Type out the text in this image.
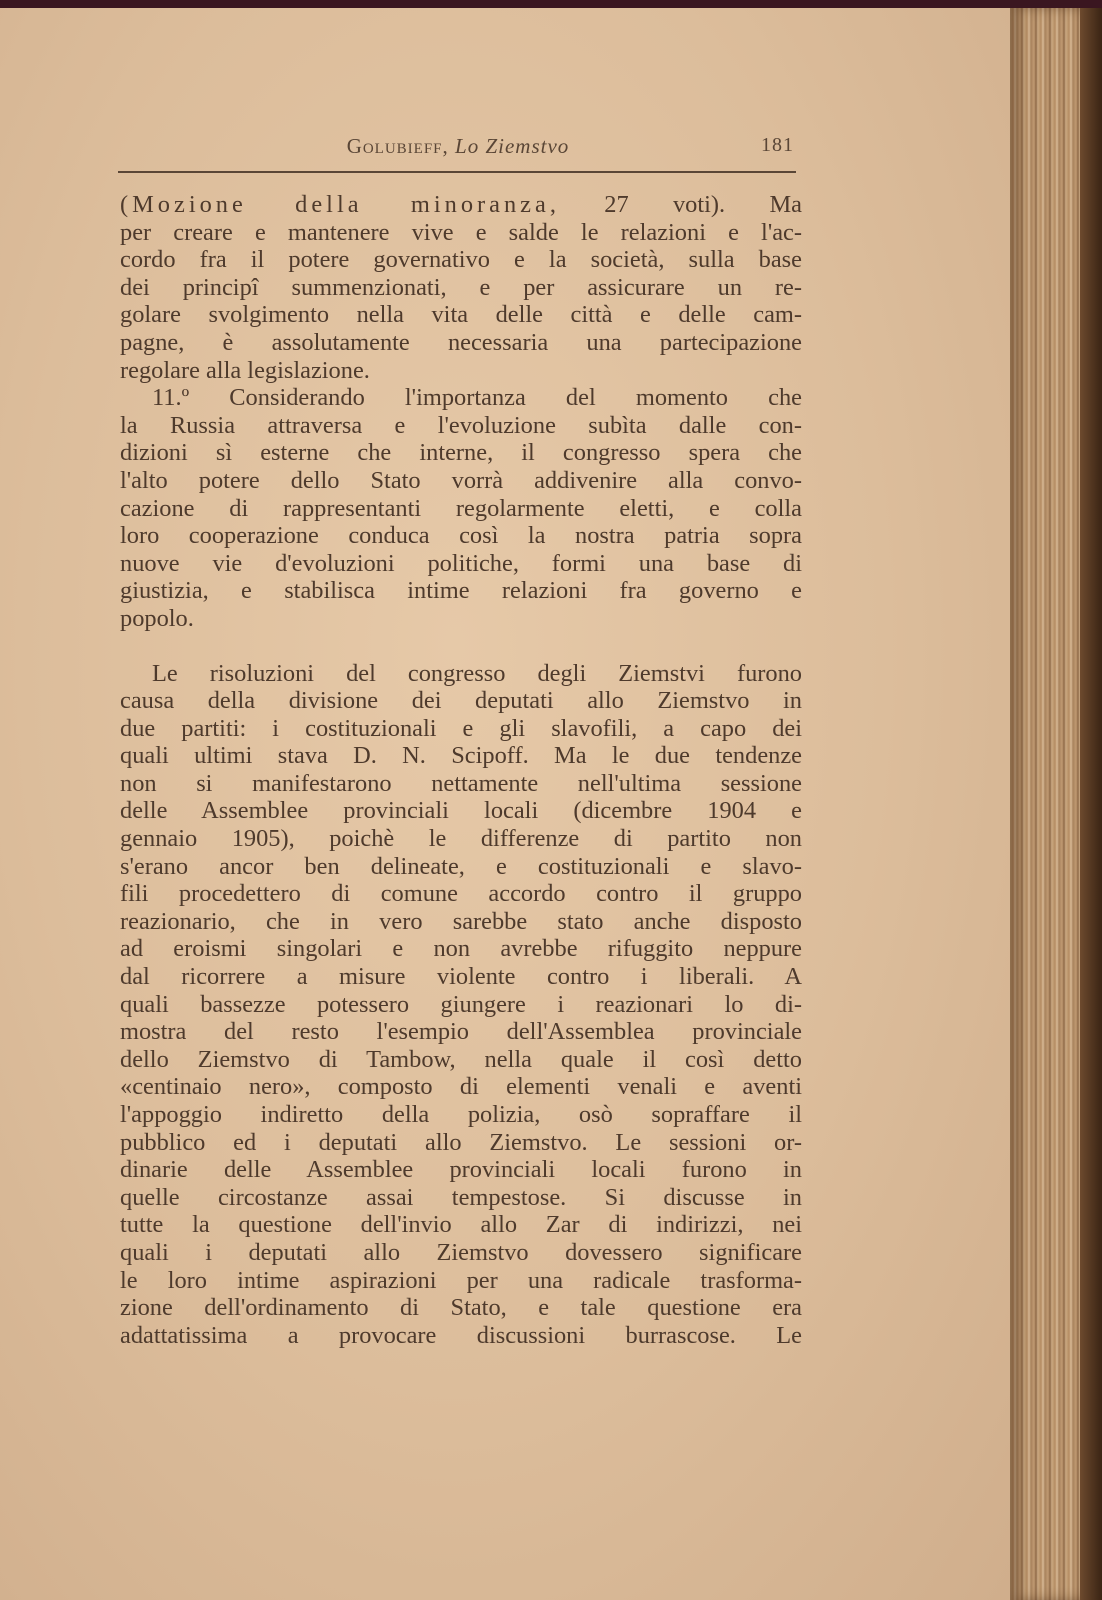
Golubieff, Lo Ziemstvo	181
(Mozione della minoranza, 27 voti). Ma
per creare e mantenere vive e salde le relazioni e l'ac-
cordo fra il potere governativo e la società, sulla base
dei principî summenzionati, e per assicurare un re-
golare svolgimento nella vita delle città e delle cam-
pagne, è assolutamente necessaria una partecipazione
regolare alla legislazione.
11.º Considerando l'importanza del momento che
la Russia attraversa e l'evoluzione subìta dalle con-
dizioni sì esterne che interne, il congresso spera che
l'alto potere dello Stato vorrà addivenire alla convo-
cazione di rappresentanti regolarmente eletti, e colla
loro cooperazione conduca così la nostra patria sopra
nuove vie d'evoluzioni politiche, formi una base di
giustizia, e stabilisca intime relazioni fra governo e
popolo.
Le risoluzioni del congresso degli Ziemstvi furono
causa della divisione dei deputati allo Ziemstvo in
due partiti: i costituzionali e gli slavofili, a capo dei
quali ultimi stava D. N. Scipoff. Ma le due tendenze
non si manifestarono nettamente nell'ultima sessione
delle Assemblee provinciali locali (dicembre 1904 e
gennaio 1905), poichè le differenze di partito non
s'erano ancor ben delineate, e costituzionali e slavo-
fili procedettero di comune accordo contro il gruppo
reazionario, che in vero sarebbe stato anche disposto
ad eroismi singolari e non avrebbe rifuggito neppure
dal ricorrere a misure violente contro i liberali. A
quali bassezze potessero giungere i reazionari lo di-
mostra del resto l'esempio dell'Assemblea provinciale
dello Ziemstvo di Tambow, nella quale il così detto
«centinaio nero», composto di elementi venali e aventi
l'appoggio indiretto della polizia, osò sopraffare il
pubblico ed i deputati allo Ziemstvo. Le sessioni or-
dinarie delle Assemblee provinciali locali furono in
quelle circostanze assai tempestose. Si discusse in
tutte la questione dell'invio allo Zar di indirizzi, nei
quali i deputati allo Ziemstvo dovessero significare
le loro intime aspirazioni per una radicale trasforma-
zione dell'ordinamento di Stato, e tale questione era
adattatissima a provocare discussioni burrascose. Le
